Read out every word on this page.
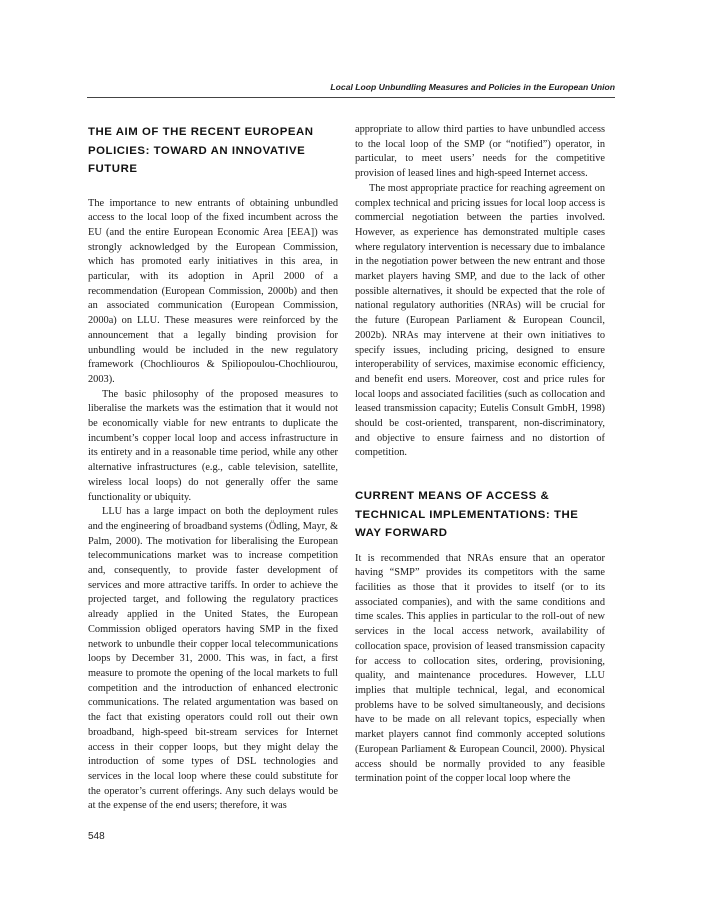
Local Loop Unbundling Measures and Policies in the European Union
THE AIM OF THE RECENT EUROPEAN POLICIES: TOWARD AN INNOVATIVE FUTURE

The importance to new entrants of obtaining unbundled access to the local loop of the fixed incumbent across the EU (and the entire European Economic Area [EEA]) was strongly acknowledged by the European Commission, which has promoted early initiatives in this area, in particular, with its adoption in April 2000 of a recommendation (European Commission, 2000b) and then an associated communication (European Commission, 2000a) on LLU. These measures were reinforced by the announcement that a legally binding provision for unbundling would be included in the new regulatory framework (Chochliouros & Spiliopoulou-Chochliourou, 2003).

The basic philosophy of the proposed measures to liberalise the markets was the estimation that it would not be economically viable for new entrants to duplicate the incumbent’s copper local loop and access infrastructure in its entirety and in a reasonable time period, while any other alternative infrastructures (e.g., cable television, satellite, wireless local loops) do not generally offer the same functionality or ubiquity.

LLU has a large impact on both the deployment rules and the engineering of broadband systems (Ödling, Mayr, & Palm, 2000). The motivation for liberalising the European telecommunications market was to increase competition and, consequently, to provide faster development of services and more attractive tariffs. In order to achieve the projected target, and following the regulatory practices already applied in the United States, the European Commission obliged operators having SMP in the fixed network to unbundle their copper local telecommunications loops by December 31, 2000. This was, in fact, a first measure to promote the opening of the local markets to full competition and the introduction of enhanced electronic communications. The related argumentation was based on the fact that existing operators could roll out their own broadband, high-speed bit-stream services for Internet access in their copper loops, but they might delay the introduction of some types of DSL technologies and services in the local loop where these could substitute for the operator’s current offerings. Any such delays would be at the expense of the end users; therefore, it was

appropriate to allow third parties to have unbundled access to the local loop of the SMP (or “notified”) operator, in particular, to meet users’ needs for the competitive provision of leased lines and high-speed Internet access.

The most appropriate practice for reaching agreement on complex technical and pricing issues for local loop access is commercial negotiation between the parties involved. However, as experience has demonstrated multiple cases where regulatory intervention is necessary due to imbalance in the negotiation power between the new entrant and those market players having SMP, and due to the lack of other possible alternatives, it should be expected that the role of national regulatory authorities (NRAs) will be crucial for the future (European Parliament & European Council, 2002b). NRAs may intervene at their own initiatives to specify issues, including pricing, designed to ensure interoperability of services, maximise economic efficiency, and benefit end users. Moreover, cost and price rules for local loops and associated facilities (such as collocation and leased transmission capacity; Eutelis Consult GmbH, 1998) should be cost-oriented, transparent, non-discriminatory, and objective to ensure fairness and no distortion of competition.

CURRENT MEANS OF ACCESS & TECHNICAL IMPLEMENTATIONS: THE WAY FORWARD

It is recommended that NRAs ensure that an operator having “SMP” provides its competitors with the same facilities as those that it provides to itself (or to its associated companies), and with the same conditions and time scales. This applies in particular to the roll-out of new services in the local access network, availability of collocation space, provision of leased transmission capacity for access to collocation sites, ordering, provisioning, quality, and maintenance procedures. However, LLU implies that multiple technical, legal, and economical problems have to be solved simultaneously, and decisions have to be made on all relevant topics, especially when market players cannot find commonly accepted solutions (European Parliament & European Council, 2000). Physical access should be normally provided to any feasible termination point of the copper local loop where the

548
